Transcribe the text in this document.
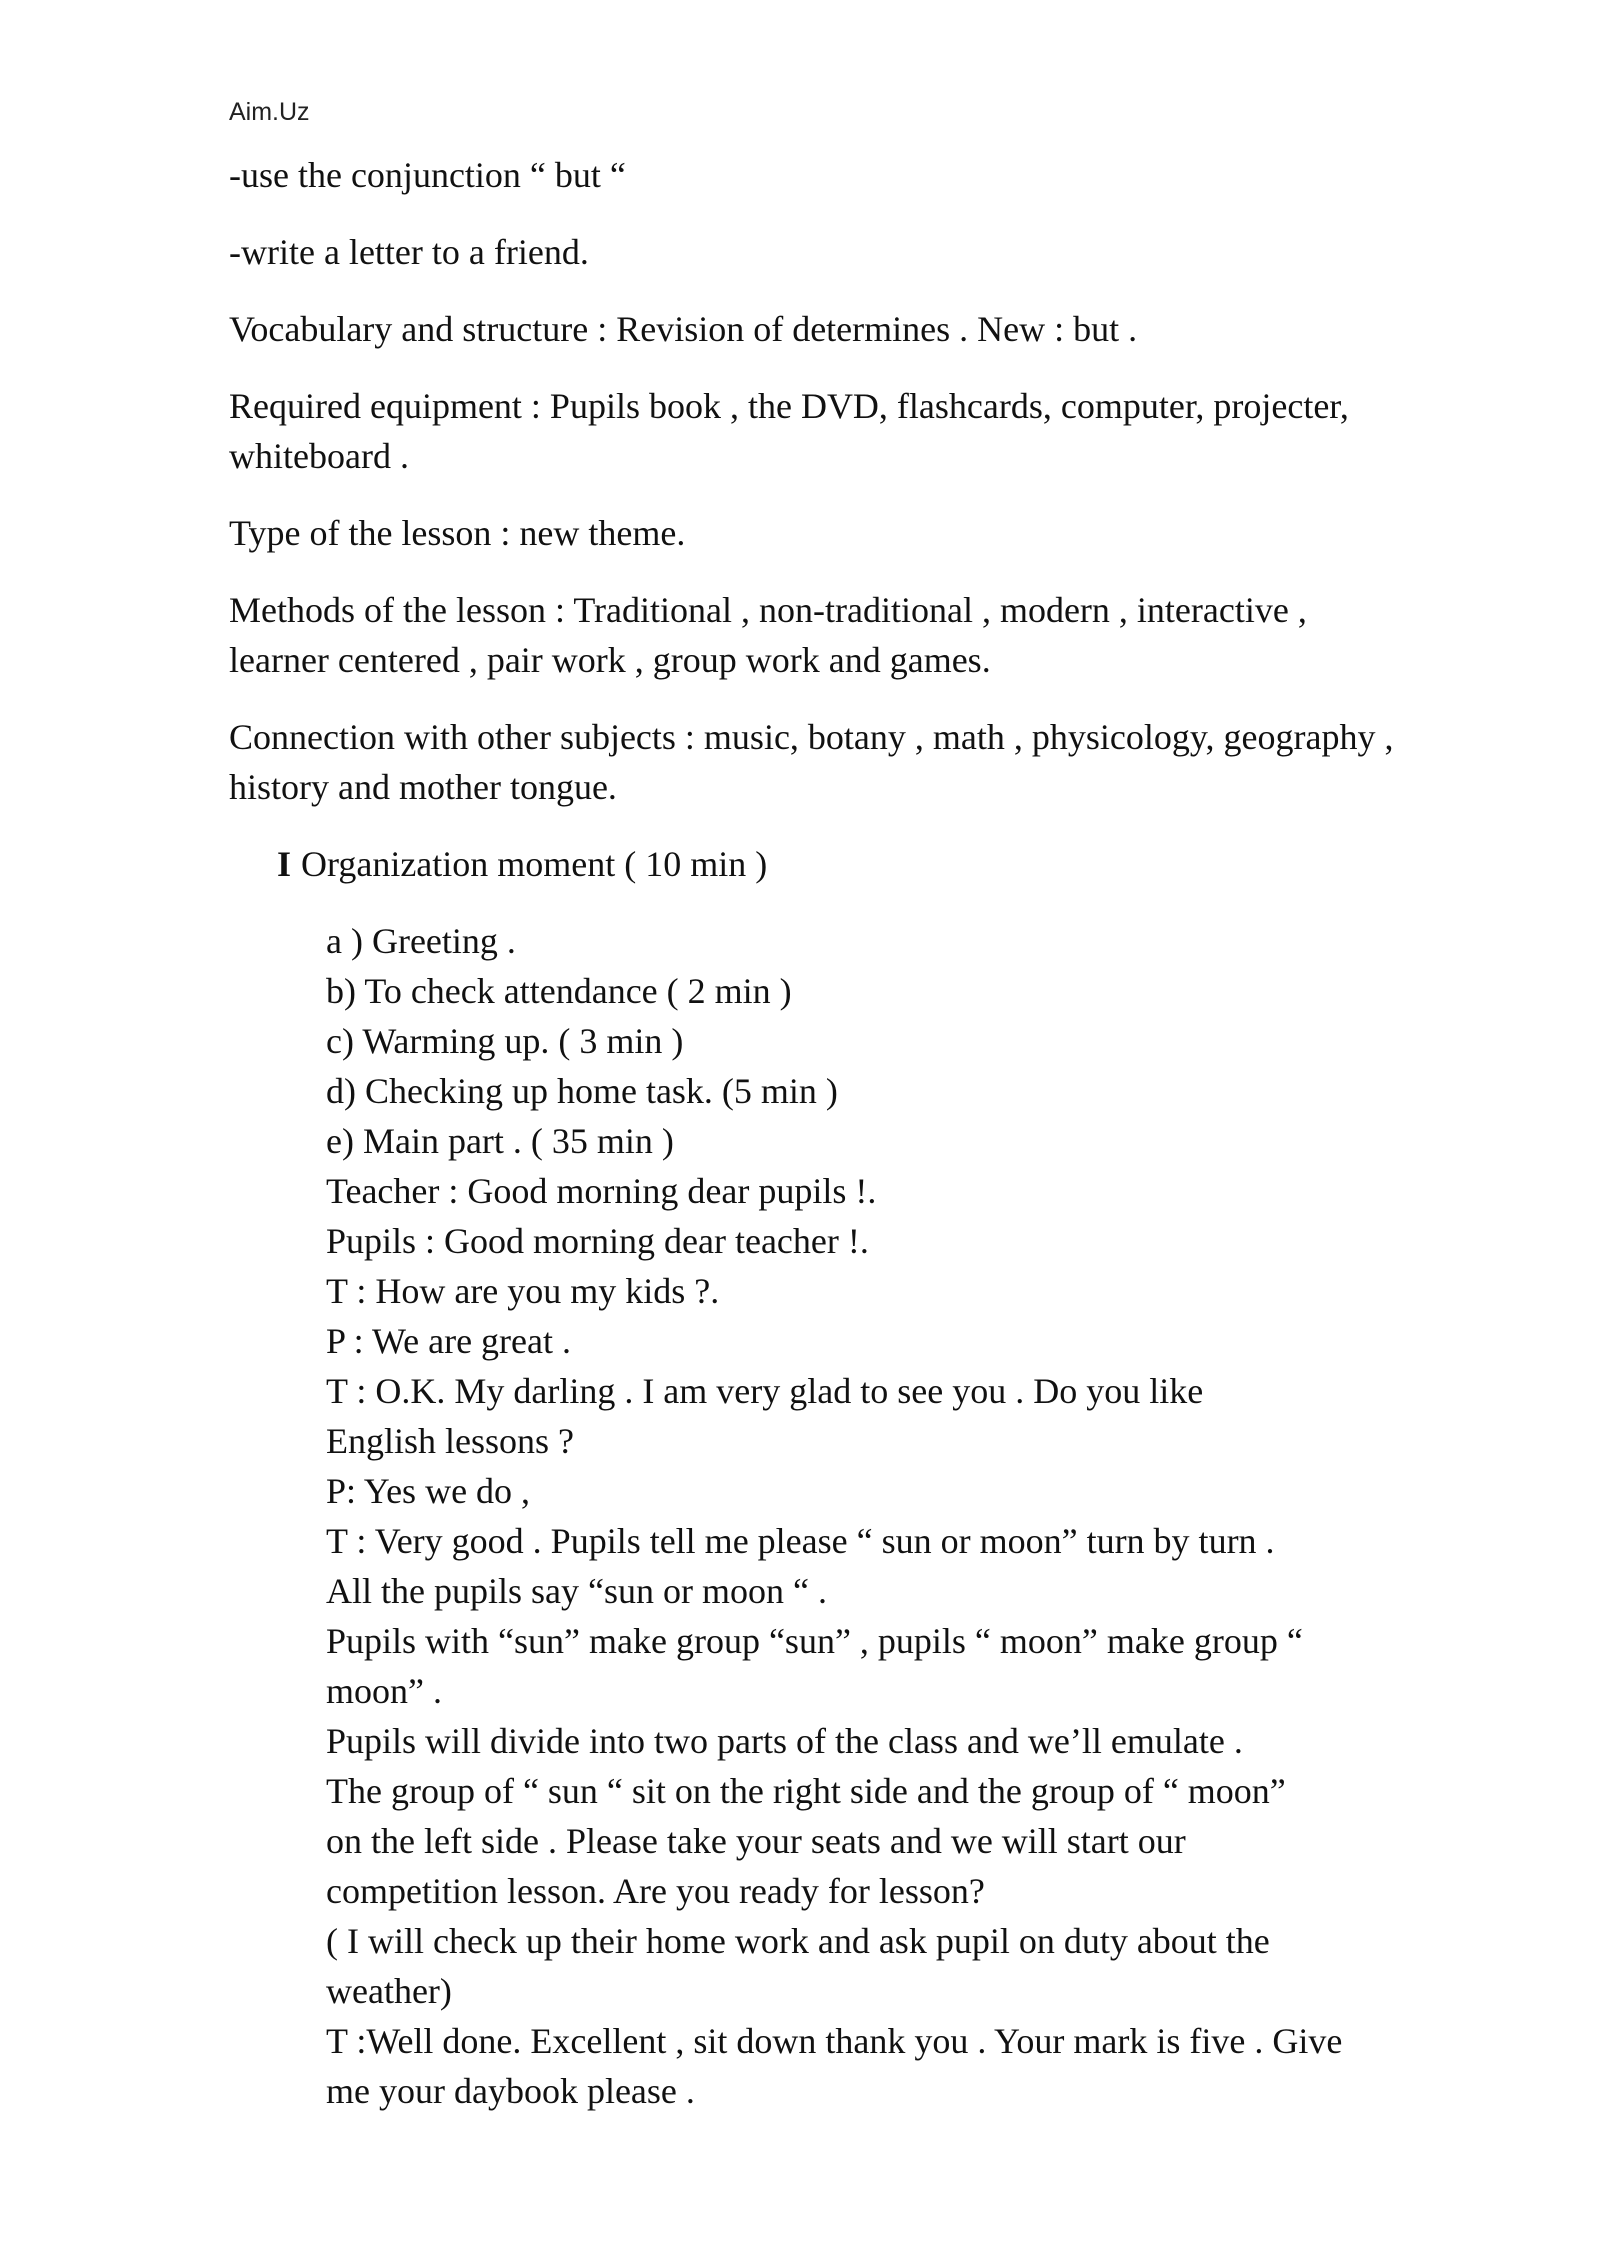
Aim.Uz
-use the conjunction “ but “
-write a letter to a friend.
Vocabulary and structure : Revision of determines . New : but .
Required equipment : Pupils book , the DVD, flashcards, computer, projecter,
whiteboard .
Type of the lesson : new theme.
Methods of the lesson : Traditional , non-traditional , modern , interactive ,
learner centered , pair work , group work and games.
Connection with other subjects : music, botany , math , physicology, geography ,
history and mother tongue.
I Organization moment ( 10 min )
a ) Greeting .
b) To check attendance ( 2 min )
c) Warming up. ( 3 min )
d) Checking up home task. (5 min )
e) Main part . ( 35 min )
Teacher : Good morning dear pupils !.
Pupils : Good morning dear teacher !.
T : How are you my kids ?.
P : We are great .
T : O.K. My darling . I am very glad to see you . Do you like
English lessons ?
P: Yes we do ,
T : Very good . Pupils tell me please “ sun or moon” turn by turn .
All the pupils say “sun or moon “ .
Pupils with “sun” make group “sun” , pupils “ moon” make group “
moon” .
Pupils will divide into two parts of the class and we’ll emulate .
The group of “ sun “ sit on the right side and the group of “ moon”
on the left side . Please take your seats and we will start our
competition lesson. Are you ready for lesson?
( I will check up their home work and ask pupil on duty about the
weather)
T :Well done. Excellent , sit down thank you . Your mark is five . Give
me your daybook please .
